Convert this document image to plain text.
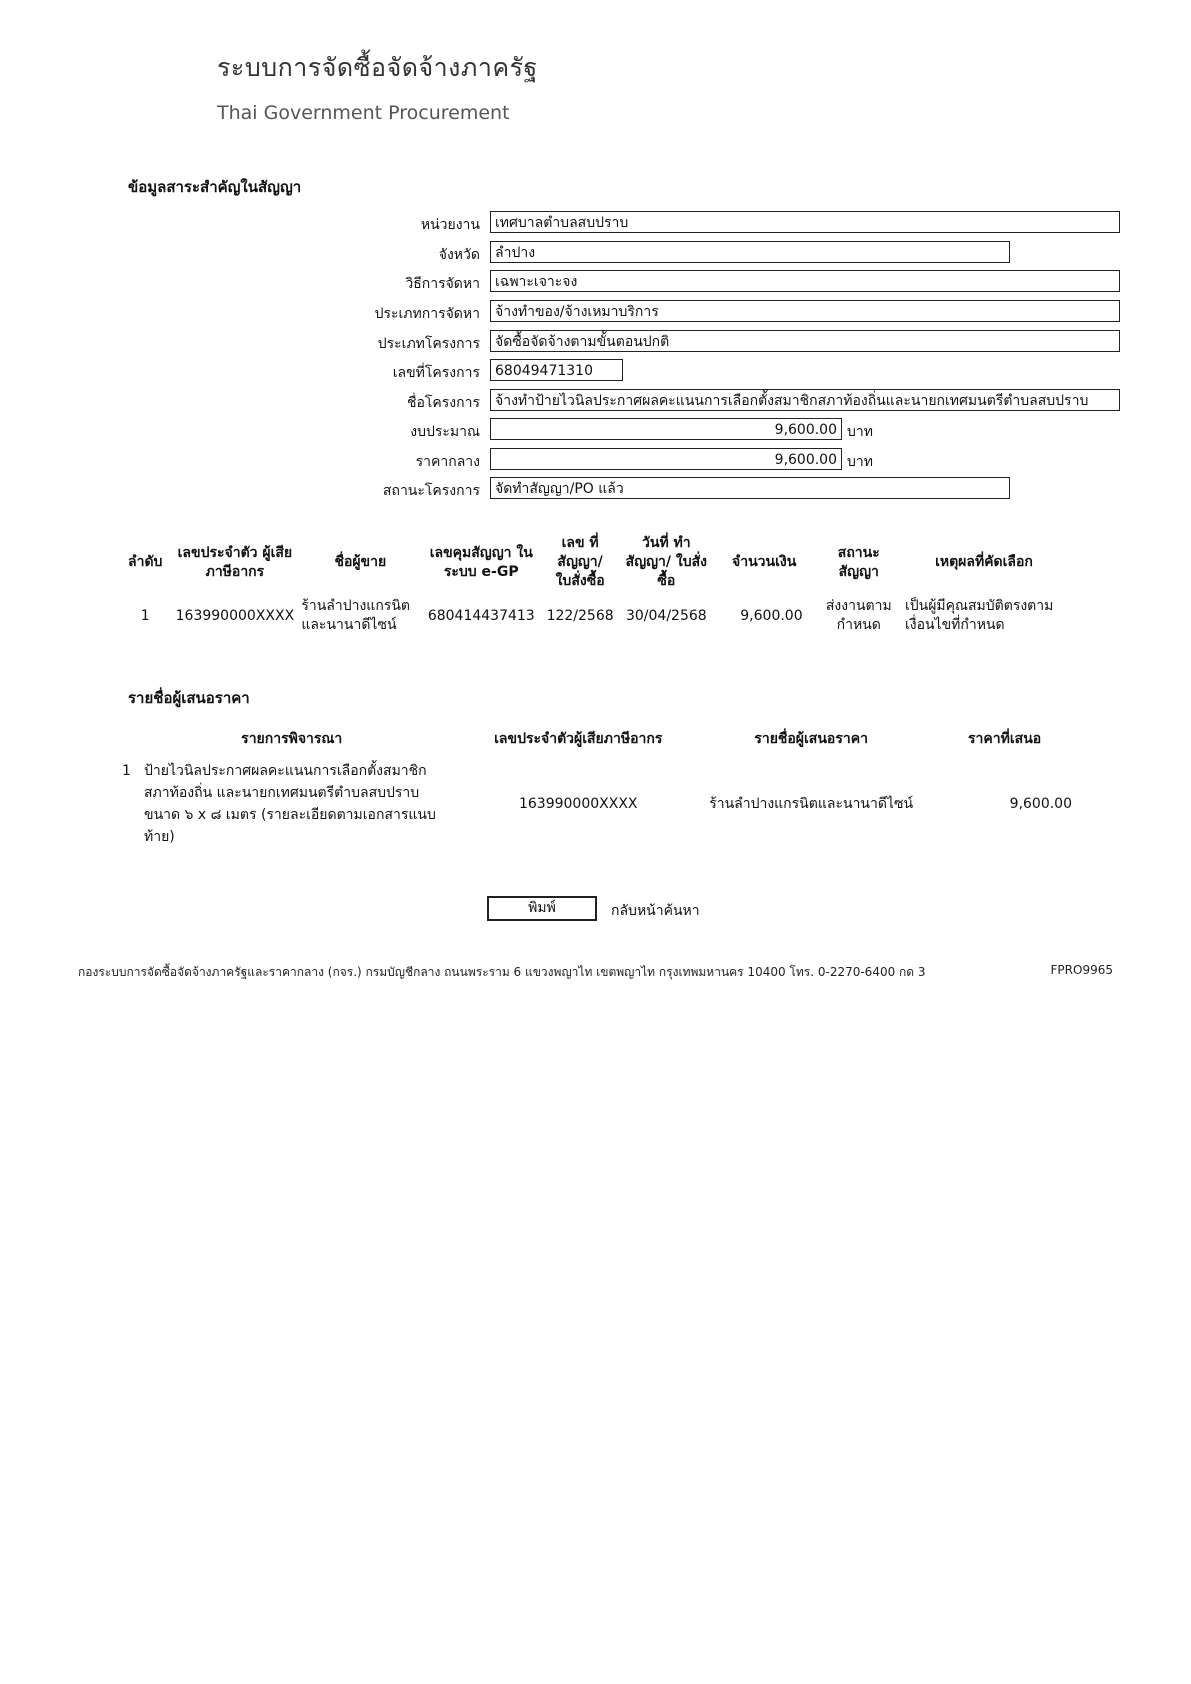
ระบบการจัดซื้อจัดจ้างภาครัฐ
Thai Government Procurement
ข้อมูลสาระสำคัญในสัญญา
หน่วยงาน	เทศบาลตำบลสบปราบ
จังหวัด	ลำปาง
วิธีการจัดหา	เฉพาะเจาะจง
ประเภทการจัดหา	จ้างทำของ/จ้างเหมาบริการ
ประเภทโครงการ	จัดซื้อจัดจ้างตามขั้นตอนปกติ
เลขที่โครงการ	68049471310
ชื่อโครงการ	จ้างทำป้ายไวนิลประกาศผลคะแนนการเลือกตั้งสมาชิกสภาท้องถิ่นและนายกเทศมนตรีตำบลสบปราบ
งบประมาณ	9,600.00 บาท
ราคากลาง	9,600.00 บาท
สถานะโครงการ	จัดทำสัญญา/PO แล้ว
ลำดับ	เลขประจำตัว ผู้เสียภาษีอากร	ชื่อผู้ขาย	เลขคุมสัญญา ในระบบ e-GP	เลข ที่สัญญา/ ใบสั่งซื้อ	วันที่ ทำสัญญา/ ใบสั่งซื้อ	จำนวนเงิน	สถานะ สัญญา	เหตุผลที่คัดเลือก
1	163990000XXXX	ร้านลำปางแกรนิต และนานาดีไซน์	680414437413	122/2568	30/04/2568	9,600.00	ส่งงานตาม กำหนด	เป็นผู้มีคุณสมบัติตรงตาม เงื่อนไขที่กำหนด
รายชื่อผู้เสนอราคา
รายการพิจารณา	เลขประจำตัวผู้เสียภาษีอากร	รายชื่อผู้เสนอราคา	ราคาที่เสนอ

1 ป้ายไวนิลประกาศผลคะแนนการเลือกตั้งสมาชิกสภาท้องถิ่น และนายกเทศมนตรีตำบลสบปราบ ขนาด ๖ x ๘ เมตร (รายละเอียดตามเอกสารแนบท้าย)	163990000XXXX	ร้านลำปางแกรนิตและนานาดีไซน์	9,600.00
พิมพ์	กลับหน้าค้นหา
กองระบบการจัดซื้อจัดจ้างภาครัฐและราคากลาง (กจร.) กรมบัญชีกลาง ถนนพระราม 6 แขวงพญาไท เขตพญาไท กรุงเทพมหานคร 10400 โทร. 0-2270-6400 กด 3	FPRO9965
